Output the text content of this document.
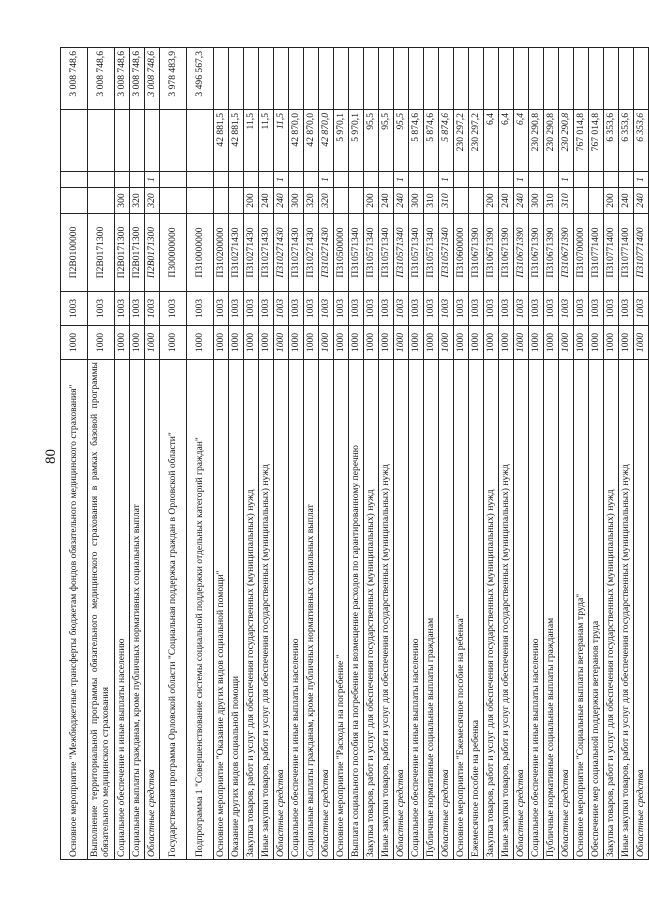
80 Основное мероприятие "Межбюджетные трансферты бюджетам фондов обязательного медицинского страхования"	1000	1003	П2В0100000				3 008 748,6
Выполнение территориальной программы обязательного медицинского страхования в рамках базовой программы обязательного медицинского страхования	1000	1003	П2В0171300				3 008 748,6
Социальное обеспечение и иные выплаты населению	1000	1003	П2В0171300	300			3 008 748,6
Социальные выплаты гражданам, кроме публичных нормативных социальных выплат	1000	1003	П2В0171300	320			3 008 748,6
Областные средства	1000	1003	П2В0171300	320	1		3 008 748,6
Государственная программа Орловской области "Социальная поддержка граждан в Орловской области"	1000	1003	П300000000				3 978 483,9
Подпрограмма 1 "Совершенствование системы социальной поддержки отдельных категорий граждан"	1000	1003	П310000000				3 496 567,3
Основное мероприятие "Оказание других видов социальной помощи"	1000	1003	П310200000			42 881,5	
Оказание других видов социальной помощи	1000	1003	П310271430			42 881,5	
Закупка товаров, работ и услуг для обеспечения государственных (муниципальных) нужд	1000	1003	П310271430	200		11,5	
Иные закупки товаров, работ и услуг для обеспечения государственных (муниципальных) нужд	1000	1003	П310271430	240		11,5	
Областные средства	1000	1003	П310271430	240	1	11,5	
Социальное обеспечение и иные выплаты населению	1000	1003	П310271430	300		42 870,0	
Социальные выплаты гражданам, кроме публичных нормативных социальных выплат	1000	1003	П310271430	320		42 870,0	
Областные средства	1000	1003	П310271430	320	1	42 870,0	
Основное мероприятие "Расходы на погребение "	1000	1003	П310500000			5 970,1	
Выплата социального пособия на погребение и возмещение расходов по гарантированному перечню	1000	1003	П310571340			5 970,1	
Закупка товаров, работ и услуг для обеспечения государственных (муниципальных) нужд	1000	1003	П310571340	200		95,5	
Иные закупки товаров, работ и услуг для обеспечения государственных (муниципальных) нужд	1000	1003	П310571340	240		95,5	
Областные средства	1000	1003	П310571340	240	1	95,5	
Социальное обеспечение и иные выплаты населению	1000	1003	П310571340	300		5 874,6	
Публичные нормативные социальные выплаты гражданам	1000	1003	П310571340	310		5 874,6	
Областные средства	1000	1003	П310571340	310	1	5 874,6	
Основное мероприятие "Ежемесячное пособие на ребенка"	1000	1003	П310600000			230 297,2	
Ежемесячное пособие на ребенка	1000	1003	П310671390			230 297,2	
Закупка товаров, работ и услуг для обеспечения государственных (муниципальных) нужд	1000	1003	П310671390	200		6,4	
Иные закупки товаров, работ и услуг для обеспечения государственных (муниципальных) нужд	1000	1003	П310671390	240		6,4	
Областные средства	1000	1003	П310671390	240	1	6,4	
Социальное обеспечение и иные выплаты населению	1000	1003	П310671390	300		230 290,8	
Публичные нормативные социальные выплаты гражданам	1000	1003	П310671390	310		230 290,8	
Областные средства	1000	1003	П310671390	310	1	230 290,8	
Основное мероприятие "Социальные выплаты ветеранам труда"	1000	1003	П310700000			767 014,8	
Обеспечение мер социальной поддержки ветеранов труда	1000	1003	П310771400			767 014,8	
Закупка товаров, работ и услуг для обеспечения государственных (муниципальных) нужд	1000	1003	П310771400	200		6 353,6	
Иные закупки товаров, работ и услуг для обеспечения государственных (муниципальных) нужд	1000	1003	П310771400	240		6 353,6	
Областные средства	1000	1003	П310771400	240	1	6 353,6	
